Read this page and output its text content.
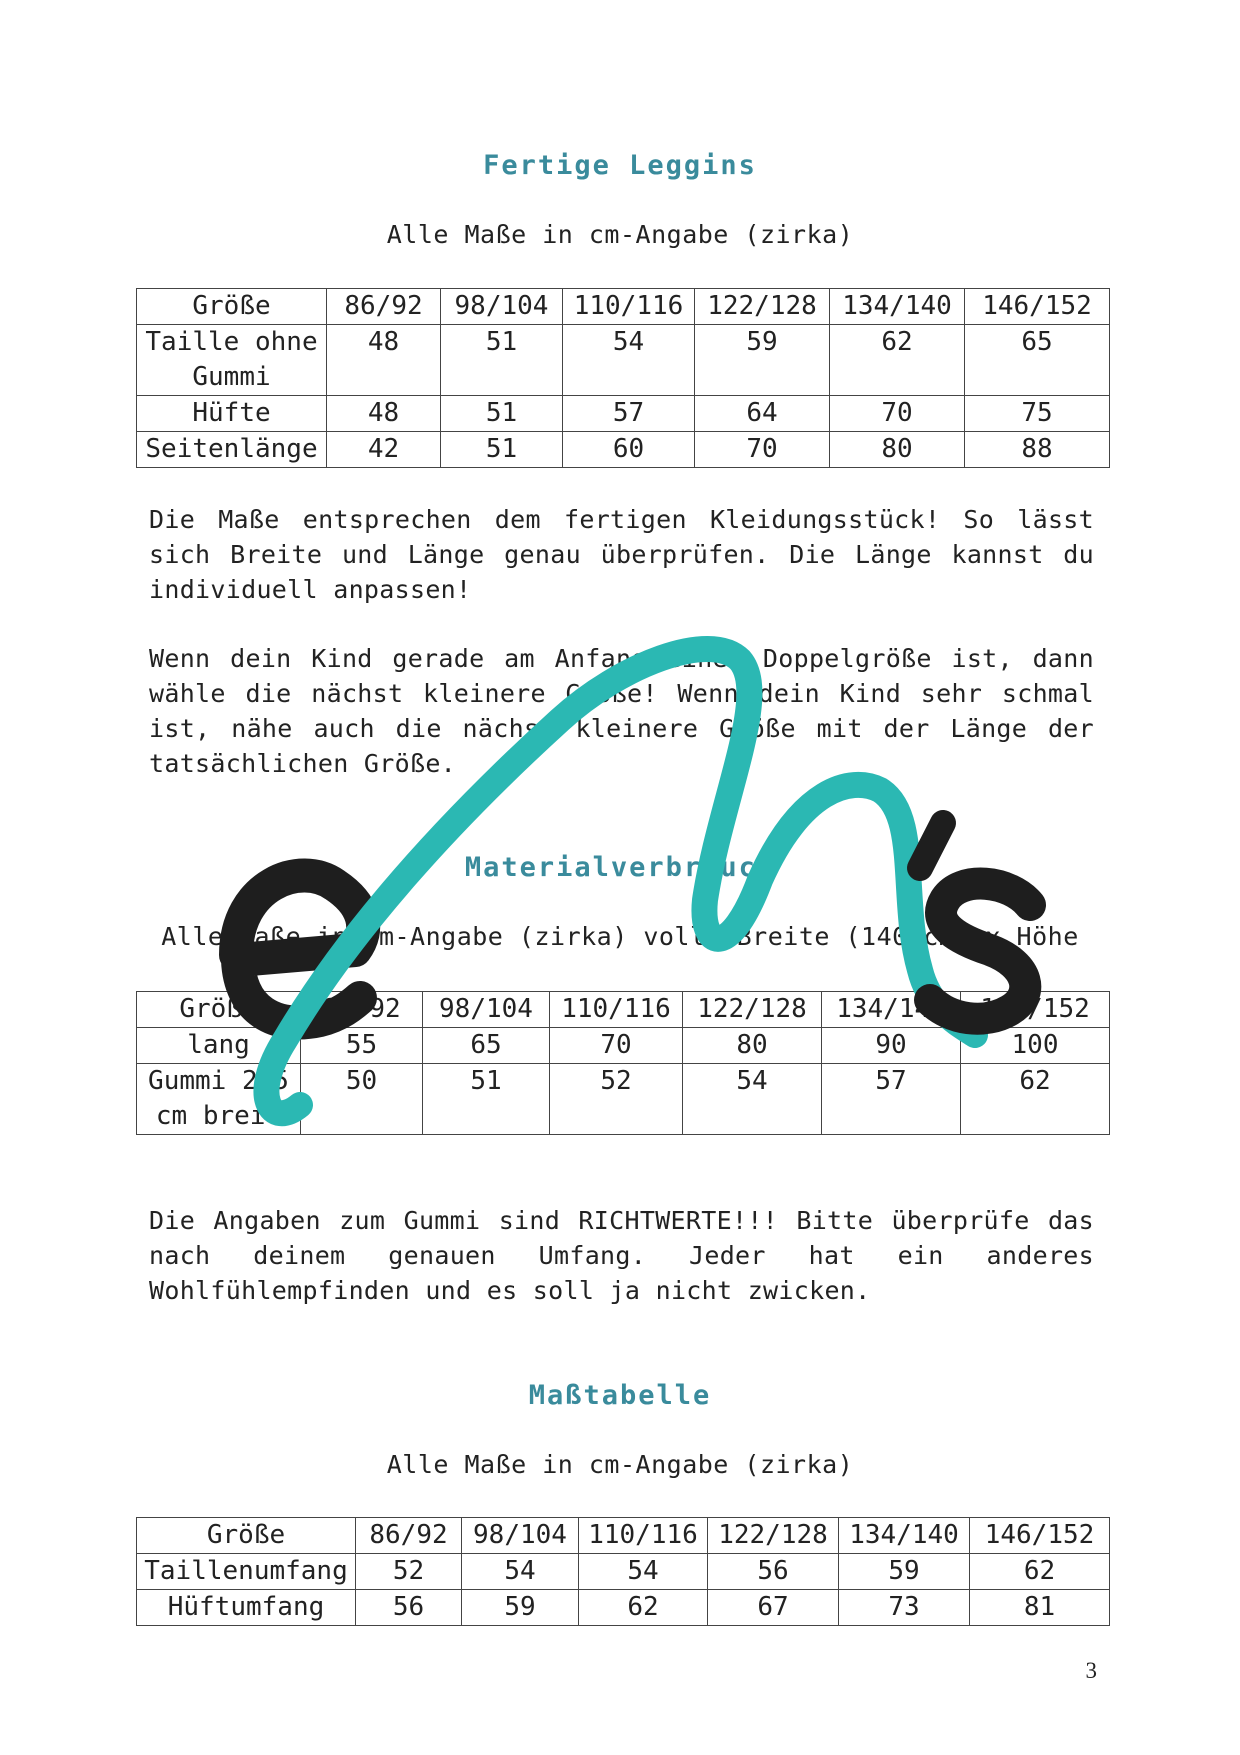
Fertige Leggins
Alle Maße in cm-Angabe (zirka)
Größe	86/92	98/104	110/116	122/128	134/140	146/152
Taille ohne Gummi	48	51	54	59	62	65
Hüfte	48	51	57	64	70	75
Seitenlänge	42	51	60	70	80	88
Die Maße entsprechen dem fertigen Kleidungsstück! So lässt sich Breite und Länge genau überprüfen. Die Länge kannst du individuell anpassen!
Wenn dein Kind gerade am Anfang einer Doppelgröße ist, dann wähle die nächst kleinere Größe! Wenn dein Kind sehr schmal ist, nähe auch die nächst kleinere Größe mit der Länge der tatsächlichen Größe.
Materialverbrauch
Alle Maße in cm-Angabe (zirka) volle Breite (140 cm) x Höhe
Größe	86/92	98/104	110/116	122/128	134/140	146/152
lang	55	65	70	80	90	100
Gummi 2,5 cm breit	50	51	52	54	57	62
Die Angaben zum Gummi sind RICHTWERTE!!! Bitte überprüfe das nach deinem genauen Umfang. Jeder hat ein anderes Wohlfühlempfinden und es soll ja nicht zwicken.
Maßtabelle
Alle Maße in cm-Angabe (zirka)
Größe	86/92	98/104	110/116	122/128	134/140	146/152
Taillenumfang	52	54	54	56	59	62
Hüftumfang	56	59	62	67	73	81
3
